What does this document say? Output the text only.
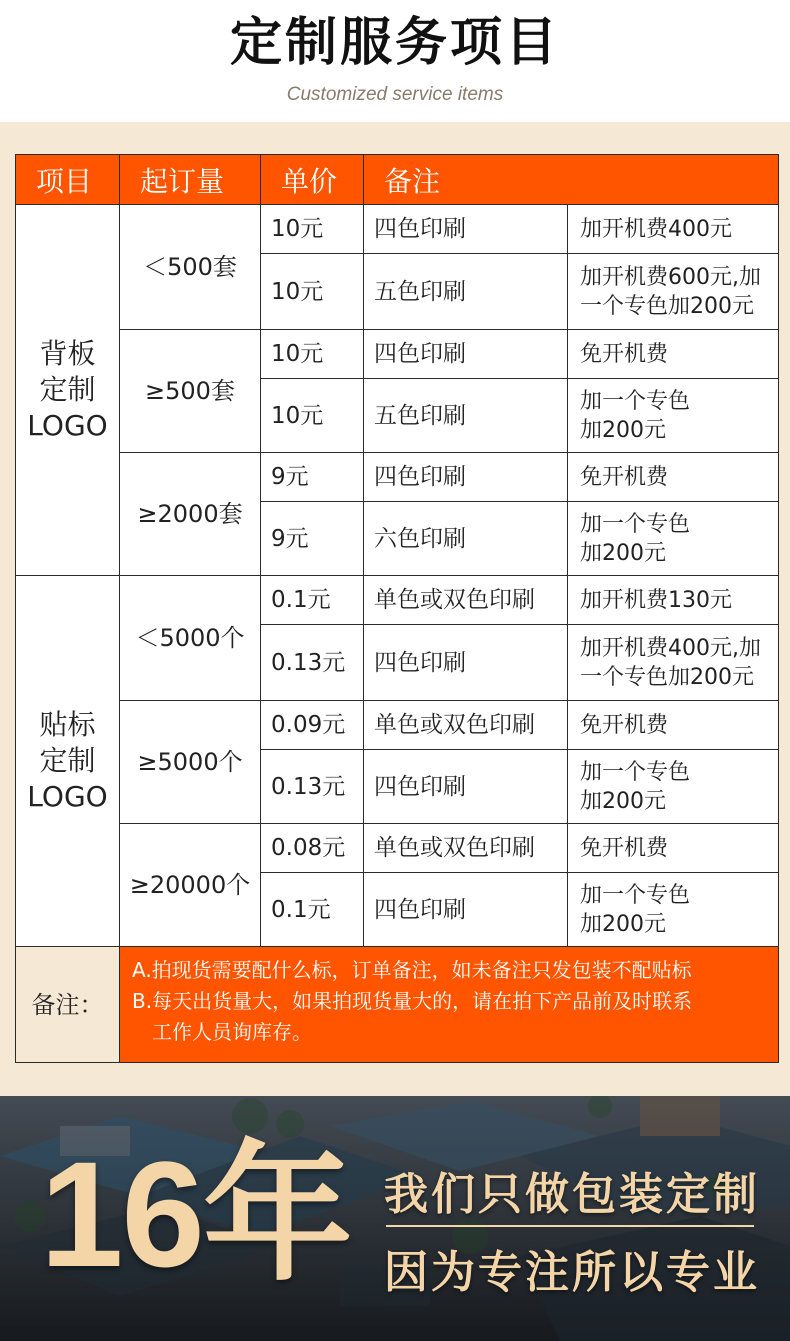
定制服务项目
Customized service items
项目	起订量	单价	备注	
背板
定制
LOGO	＜500套	10元	四色印刷	加开机费400元
		10元	五色印刷	加开机费600元,加
一个专色加200元
	≥500套	10元	四色印刷	免开机费
		10元	五色印刷	加一个专色
加200元
	≥2000套	9元	四色印刷	免开机费
		9元	六色印刷	加一个专色
加200元
贴标
定制
LOGO	＜5000个	0.1元	单色或双色印刷	加开机费130元
		0.13元	四色印刷	加开机费400元,加
一个专色加200元
	≥5000个	0.09元	单色或双色印刷	免开机费
		0.13元	四色印刷	加一个专色
加200元
	≥20000个	0.08元	单色或双色印刷	免开机费
		0.1元	四色印刷	加一个专色
加200元
备注：	A.拍现货需要配什么标，订单备注，如未备注只发包装不配贴标
B.每天出货量大，如果拍现货量大的，请在拍下产品前及时联系
工作人员询库存。			
16年 我们只做包装定制
因为专注所以专业
